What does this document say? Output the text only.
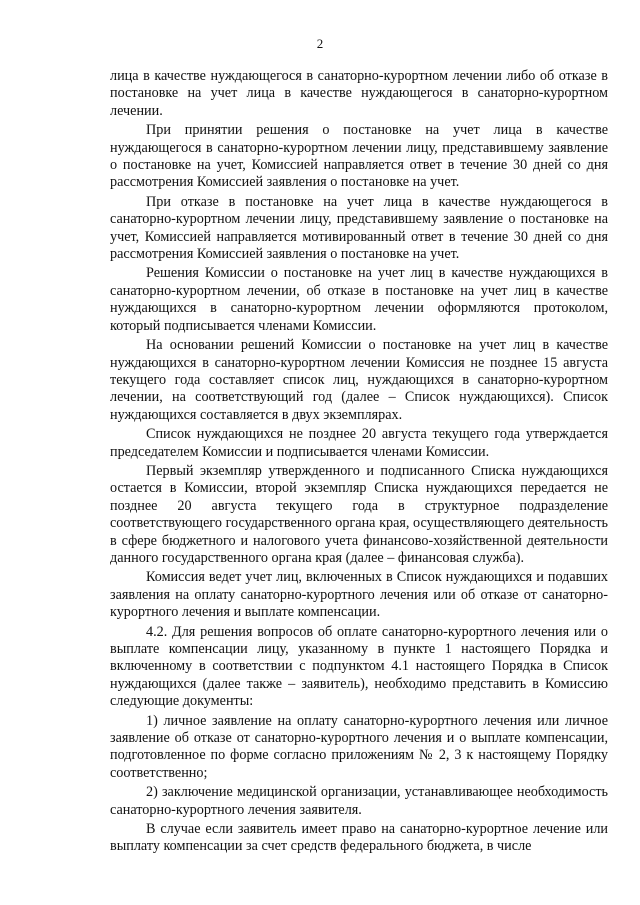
2

лица в качестве нуждающегося в санаторно-курортном лечении либо об отказе в постановке на учет лица в качестве нуждающегося в санаторно-курортном лечении.

При принятии решения о постановке на учет лица в качестве нуждающегося в санаторно-курортном лечении лицу, представившему заявление о постановке на учет, Комиссией направляется ответ в течение 30 дней со дня рассмотрения Комиссией заявления о постановке на учет.

При отказе в постановке на учет лица в качестве нуждающегося в санаторно-курортном лечении лицу, представившему заявление о постановке на учет, Комиссией направляется мотивированный ответ в течение 30 дней со дня рассмотрения Комиссией заявления о постановке на учет.

Решения Комиссии о постановке на учет лиц в качестве нуждающихся в санаторно-курортном лечении, об отказе в постановке на учет лиц в качестве нуждающихся в санаторно-курортном лечении оформляются протоколом, который подписывается членами Комиссии.

На основании решений Комиссии о постановке на учет лиц в качестве нуждающихся в санаторно-курортном лечении Комиссия не позднее 15 августа текущего года составляет список лиц, нуждающихся в санаторно-курортном лечении, на соответствующий год (далее – Список нуждающихся). Список нуждающихся составляется в двух экземплярах.

Список нуждающихся не позднее 20 августа текущего года утверждается председателем Комиссии и подписывается членами Комиссии.

Первый экземпляр утвержденного и подписанного Списка нуждающихся остается в Комиссии, второй экземпляр Списка нуждающихся передается не позднее 20 августа текущего года в структурное подразделение соответствующего государственного органа края, осуществляющего деятельность в сфере бюджетного и налогового учета финансово-хозяйственной деятельности данного государственного органа края (далее – финансовая служба).

Комиссия ведет учет лиц, включенных в Список нуждающихся и подавших заявления на оплату санаторно-курортного лечения или об отказе от санаторно-курортного лечения и выплате компенсации.

4.2. Для решения вопросов об оплате санаторно-курортного лечения или о выплате компенсации лицу, указанному в пункте 1 настоящего Порядка и включенному в соответствии с подпунктом 4.1 настоящего Порядка в Список нуждающихся (далее также – заявитель), необходимо представить в Комиссию следующие документы:

1) личное заявление на оплату санаторно-курортного лечения или личное заявление об отказе от санаторно-курортного лечения и о выплате компенсации, подготовленное по форме согласно приложениям № 2, 3 к настоящему Порядку соответственно;

2) заключение медицинской организации, устанавливающее необходимость санаторно-курортного лечения заявителя.

В случае если заявитель имеет право на санаторно-курортное лечение или выплату компенсации за счет средств федерального бюджета, в числе
